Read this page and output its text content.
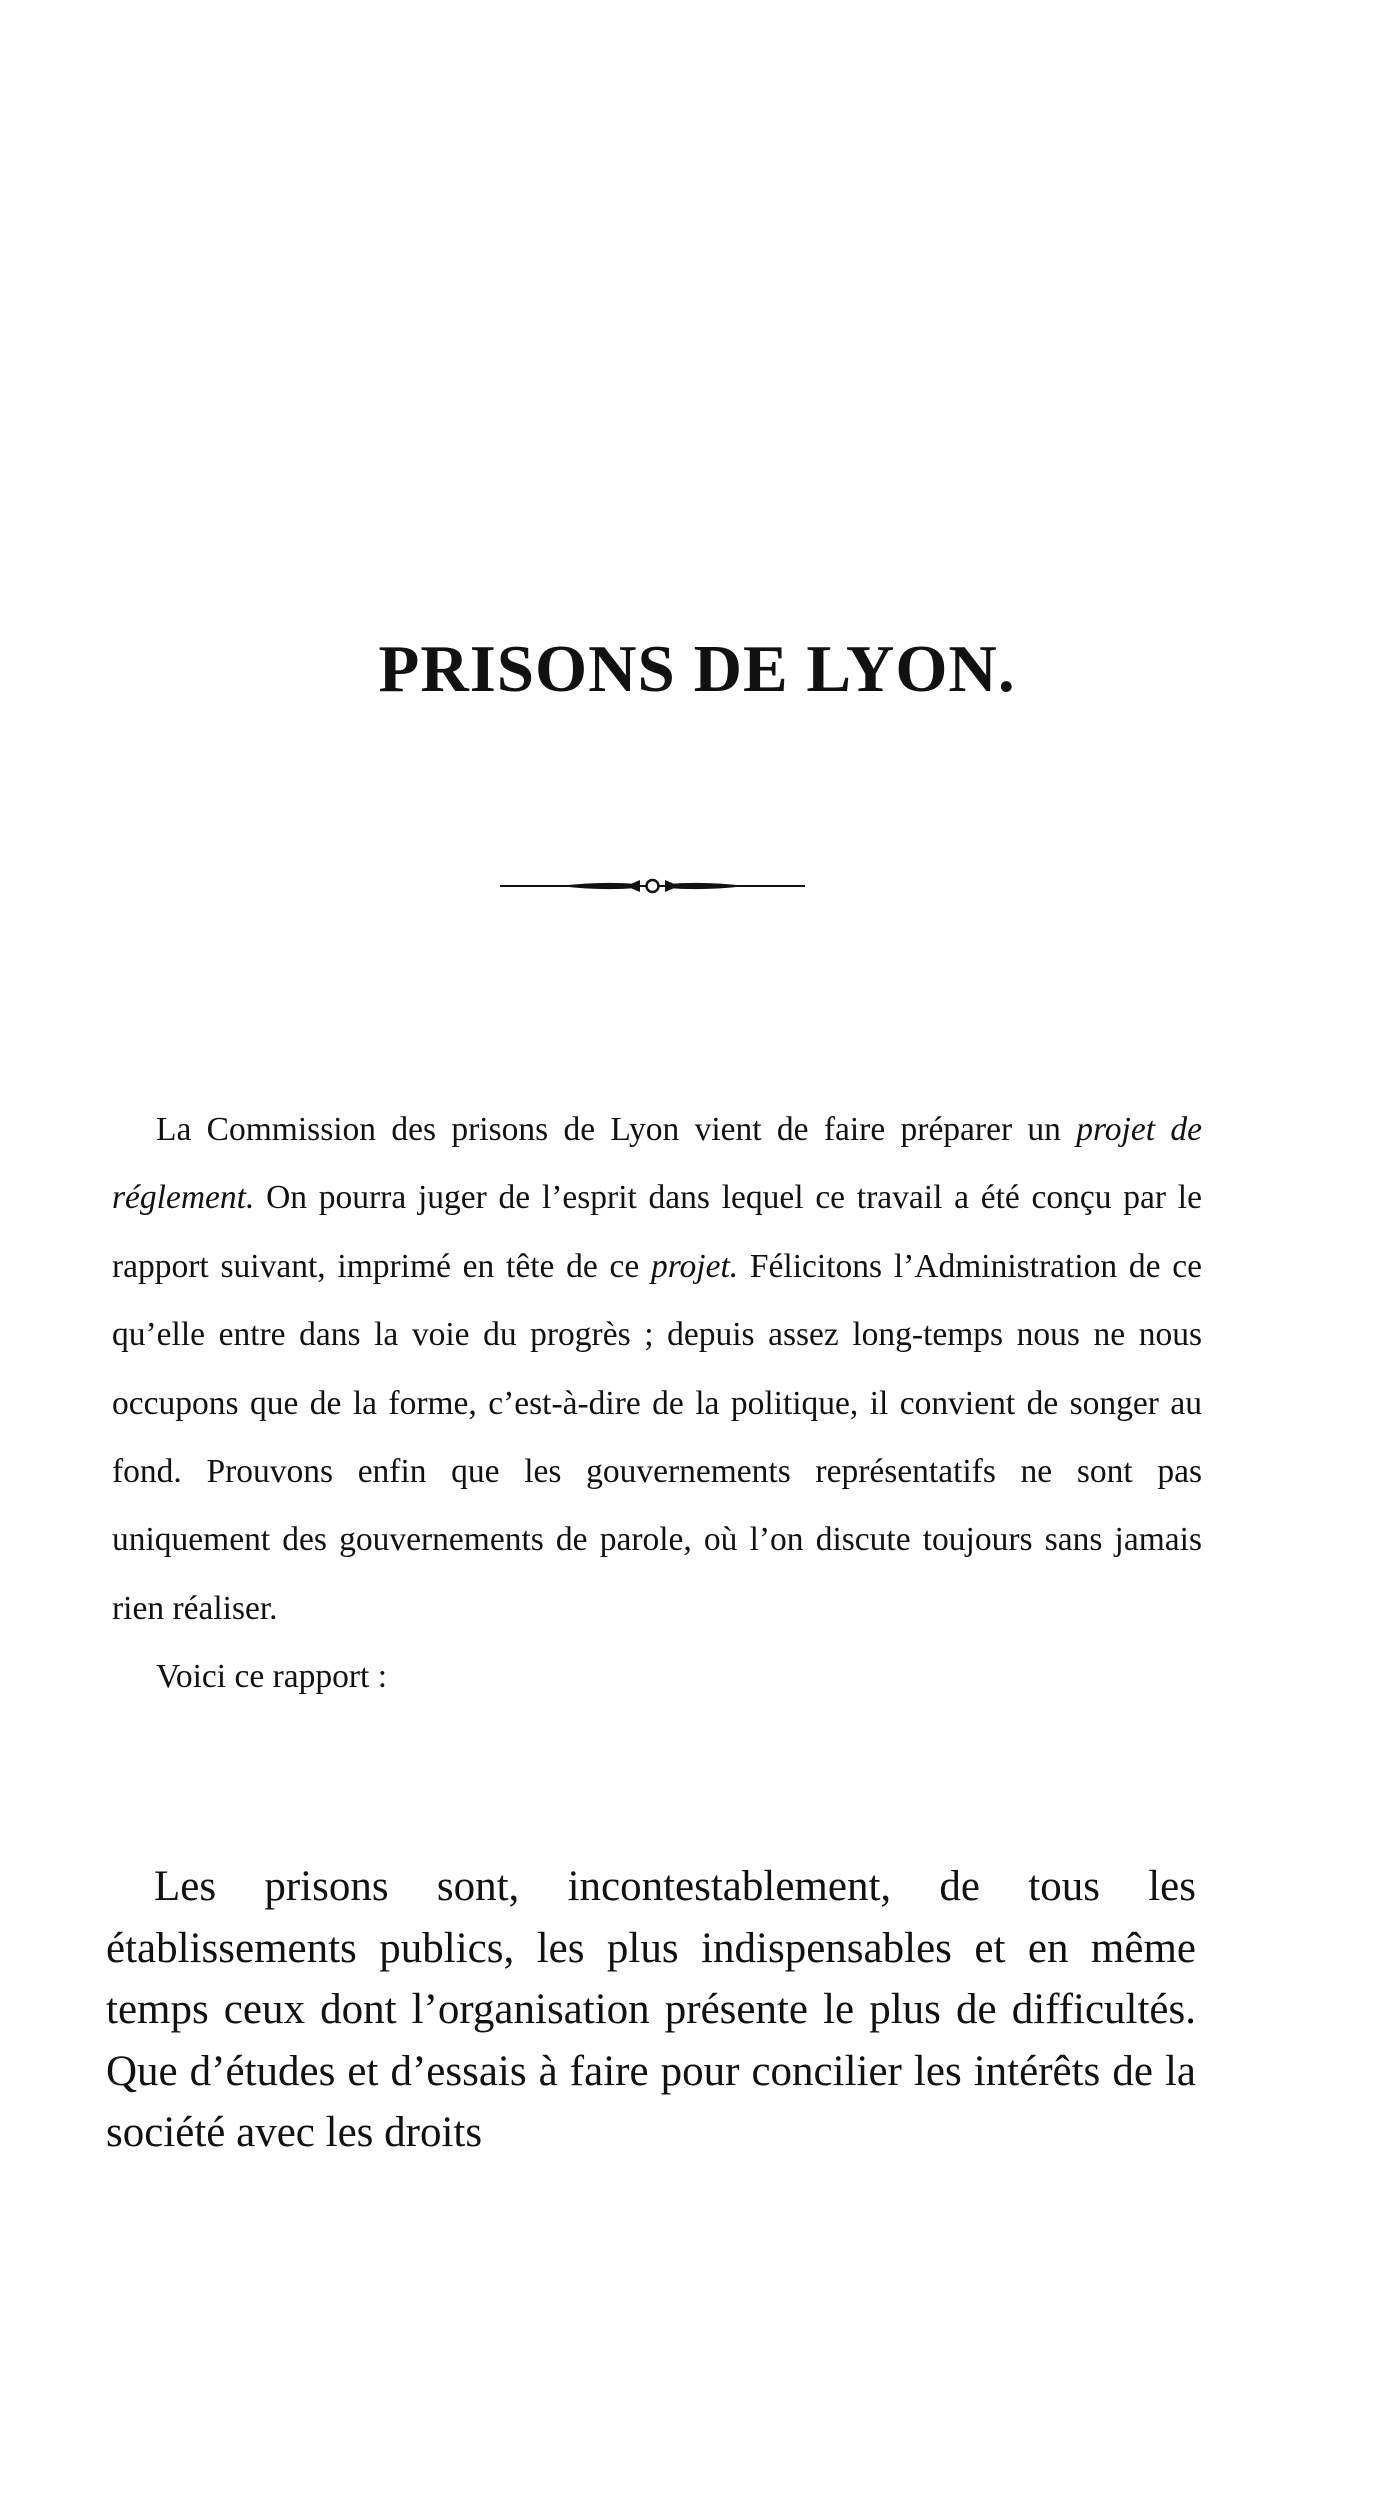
PRISONS DE LYON.

La Commission des prisons de Lyon vient de faire préparer un projet de réglement. On pourra juger de l’esprit dans lequel ce travail a été conçu par le rapport suivant, imprimé en tête de ce projet. Félicitons l’Administration de ce qu’elle entre dans la voie du progrès ; depuis assez long-temps nous ne nous occupons que de la forme, c’est-à-dire de la politique, il convient de songer au fond. Prouvons enfin que les gouvernements représentatifs ne sont pas uniquement des gouvernements de parole, où l’on discute toujours sans jamais rien réaliser.

Voici ce rapport :

Les prisons sont, incontestablement, de tous les établissements publics, les plus indispensables et en même temps ceux dont l’organisation présente le plus de difficultés. Que d’études et d’essais à faire pour concilier les intérêts de la société avec les droits
